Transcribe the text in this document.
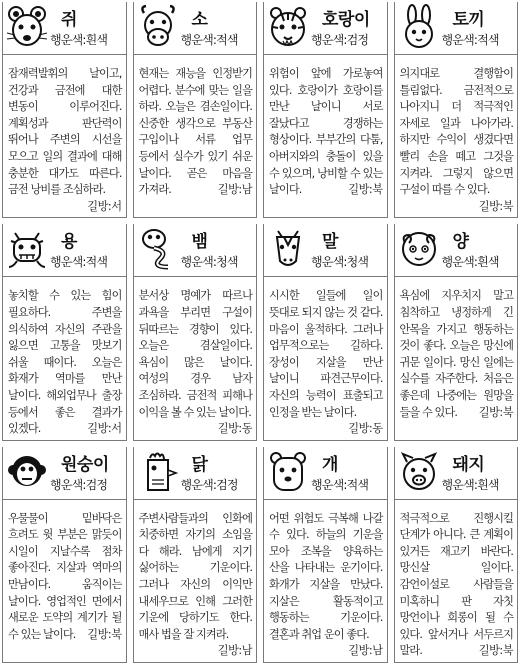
쥐
행운색:흰색
잠재력발휘의 날이고, 건강과 금전에 대한 변동이 이루어진다. 계획성과 판단력이 뛰어나 주변의 시선을 모으고 일의 결과에 대해 충분한 대가도 따른다. 금전 낭비를 조심하라.
길방:서
소
행운색:적색
현재는 재능을 인정받기 어렵다. 분수에 맞는 일을 하라. 오늘은 겸손일이다. 신중한 생각으로 부동산 구입이나 서류 업무 등에서 실수가 있기 쉬운 날이다. 곧은 마음을 가져라.	길방:남
호랑이
행운색:검정
위험이 앞에 가로놓여 있다. 호랑이가 호랑이를 만난 날이니 서로 잘났다고 경쟁하는 형상이다. 부부간의 다툼, 아버지와의 충돌이 있을 수 있으며, 낭비할 수 있는 날이다.	길방:북
토끼
행운색:적색
의지대로 결행함이 틀림없다. 금전적으로 나아지니 더 적극적인 자세로 일과 나아가라. 하지만 수익이 생겼다면 빨리 손을 떼고 그것을 지켜라. 그렇지 않으면 구설이 따를 수 있다.
길방:북
용
행운색:적색
놓치할 수 있는 힘이 필요하다. 주변을 의식하여 자신의 주관을 잃으면 고통을 맛보기 쉬울 때이다. 오늘은 화재가 역마를 만난 날이다. 해외업무나 출장 등에서 좋은 결과가 있겠다.	길방:서
뱀
행운색:청색
분서상 명예가 따르나 과욕을 부리면 구설이 뒤따르는 경향이 있다. 오늘은 겸살일이다. 욕심이 많은 날이다. 여성의 경우 남자 조심하라. 금전적 피해나 이익을 볼 수 있는 날이다.
길방:동
말
행운색:청색
시시한 일들에 일이 뜻대로 되지 않는 것 같다. 마음이 울적하다. 그러나 업무적으로는 길하다. 장성이 지살을 만난 날이니 파견근무이다. 자신의 능력이 표출되고 인정을 받는 날이다.
길방:동
양
행운색:흰색
욕심에 지우치지 말고 침착하고 냉정하게 긴 안목을 가지고 행동하는 것이 좋다. 오늘은 망신에 귀문 일이다. 망신 일에는 실수를 자주한다. 처음은 좋은데 나중에는 원망을 들을 수 있다. 길방:북
원숭이
행운색:검정
우물물이 밑바닥은 흐려도 윗 부분은 맑듯이 시일이 지날수록 점차 좋아진다. 지살과 역마의 만남이다. 움직이는 날이다. 영업적인 면에서 새로운 도약의 계기가 될 수 있는 날이다. 길방:북
닭
행운색:검정
주변사람들과의 인화에 치중하면 자기의 소임을 다 해라. 남에게 지기 싫어하는 기운이다. 그러나 자신의 이익만 내세우므로 인해 그러한 기운에 당하기도 한다. 매사 법을 잘 지켜라.
길방:남
개
행운색:적색
어떤 위험도 극복해 나갈 수 있다. 하늘의 기운을 모아 조복을 양육하는 산을 나타내는 운기이다. 화개가 지살을 만났다. 지살은 활동적이고 행동하는 기운이다. 결혼과 취업 운이 좋다.
길방:남
돼지
행운색:흰색
적극적으로 진행시킬 단계가 아니다. 큰 계획이 있거든 재고키 바란다. 망신살 일이다. 감언이설로 사람들을 미혹하니 판 자칫 망언이나 희롱이 될 수 있다. 앞서거나 서두르지 말라.	길방:북
